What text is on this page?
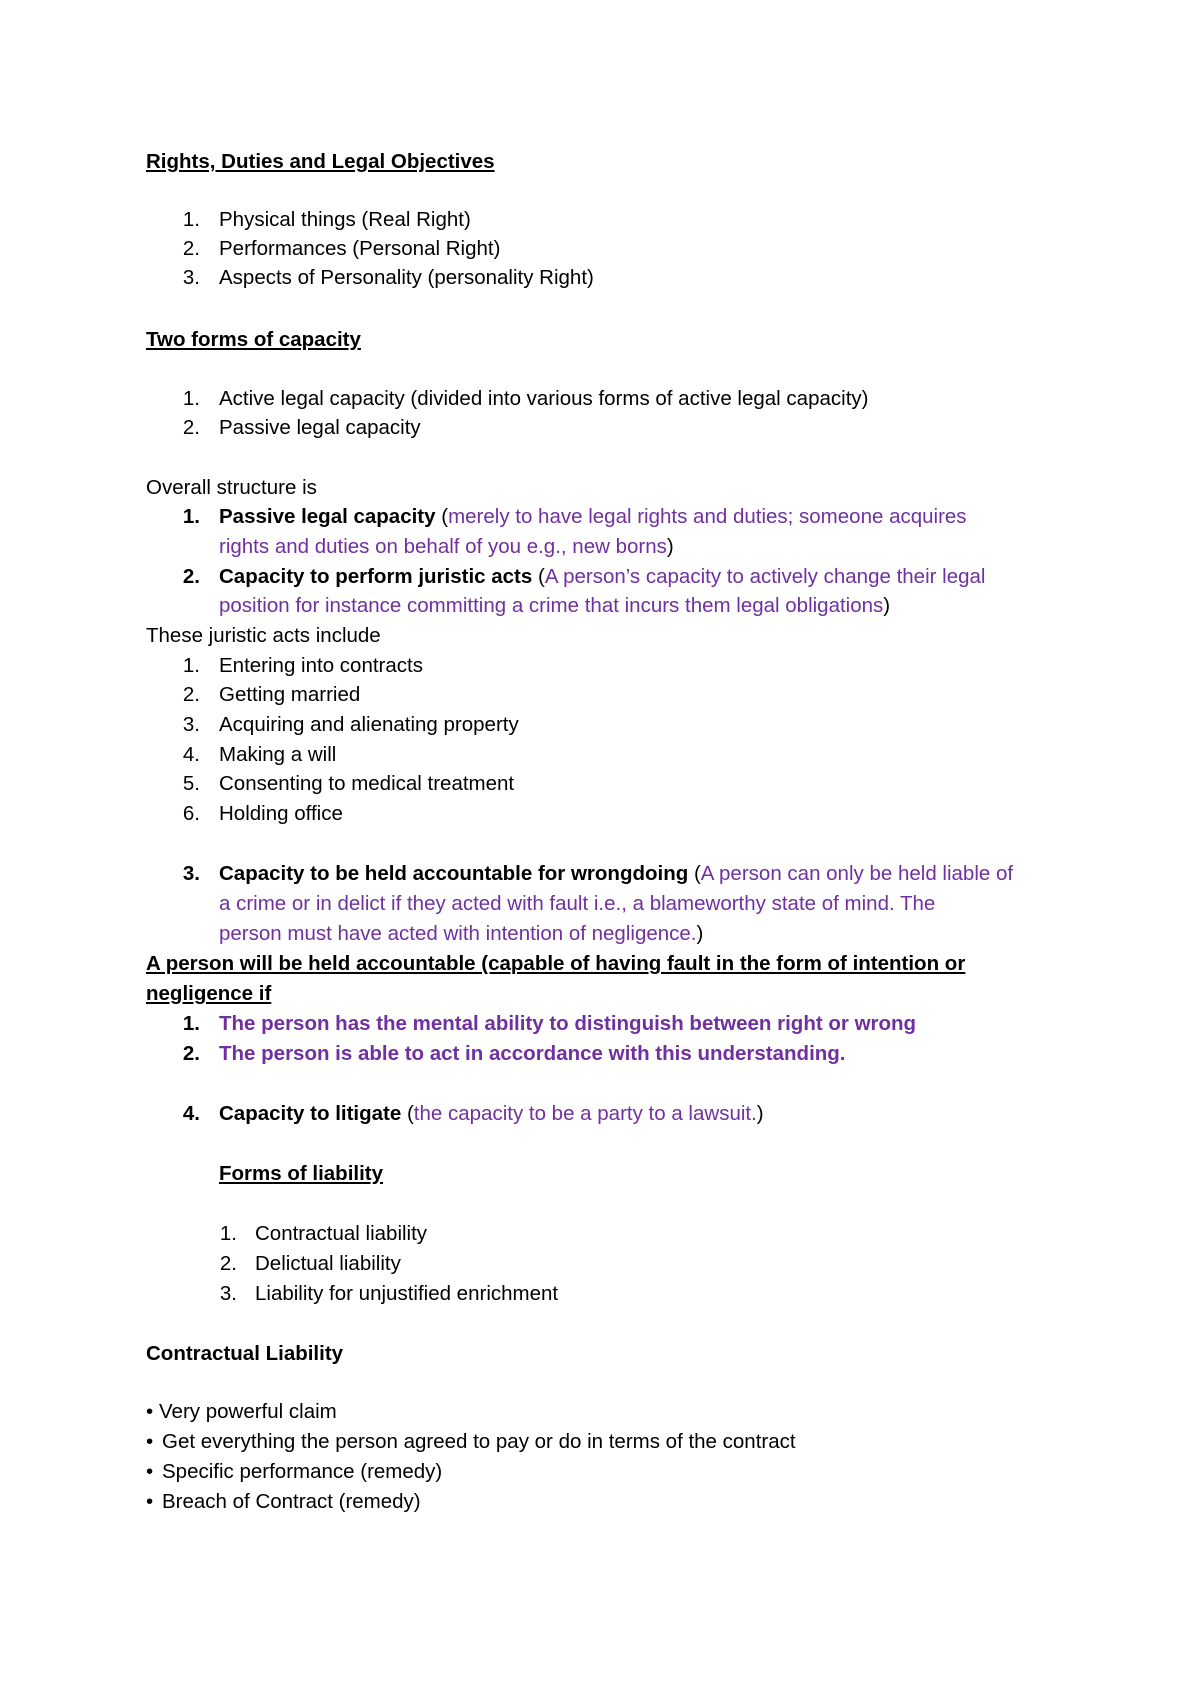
Rights, Duties and Legal Objectives
1. Physical things (Real Right)
2. Performances (Personal Right)
3. Aspects of Personality (personality Right)
Two forms of capacity
1. Active legal capacity (divided into various forms of active legal capacity)
2. Passive legal capacity
Overall structure is
1. Passive legal capacity (merely to have legal rights and duties; someone acquires
rights and duties on behalf of you e.g., new borns)
2. Capacity to perform juristic acts (A person’s capacity to actively change their legal
position for instance committing a crime that incurs them legal obligations)
These juristic acts include
1. Entering into contracts
2. Getting married
3. Acquiring and alienating property
4. Making a will
5. Consenting to medical treatment
6. Holding office
3. Capacity to be held accountable for wrongdoing (A person can only be held liable of
a crime or in delict if they acted with fault i.e., a blameworthy state of mind. The
person must have acted with intention of negligence.)
A person will be held accountable (capable of having fault in the form of intention or
negligence if
1. The person has the mental ability to distinguish between right or wrong
2. The person is able to act in accordance with this understanding.
4. Capacity to litigate (the capacity to be a party to a lawsuit.)
Forms of liability
1. Contractual liability
2. Delictual liability
3. Liability for unjustified enrichment
Contractual Liability
• Very powerful claim
• Get everything the person agreed to pay or do in terms of the contract
• Specific performance (remedy)
• Breach of Contract (remedy)
